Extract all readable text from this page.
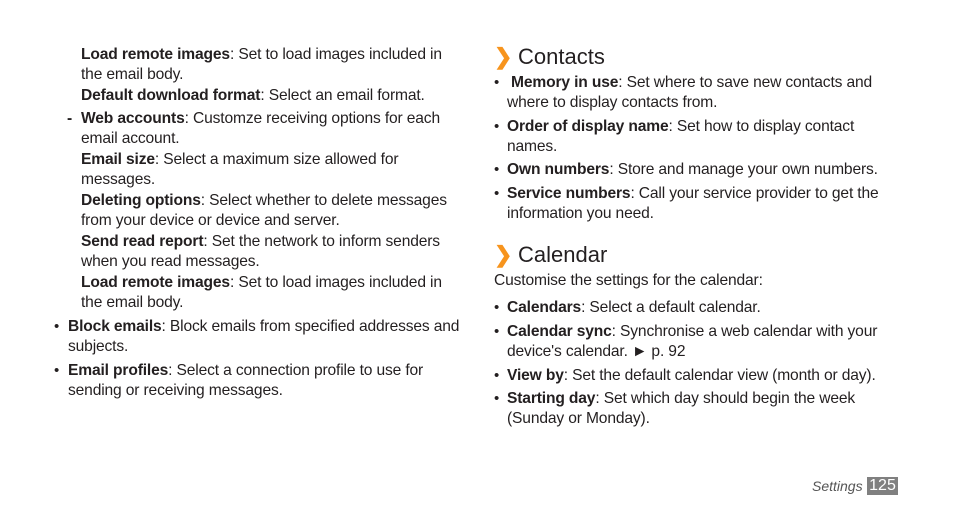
Load remote images: Set to load images included in
the email body.
Default download format: Select an email format.
- Web accounts: Customze receiving options for each
email account.
Email size: Select a maximum size allowed for
messages.
Deleting options: Select whether to delete messages
from your device or device and server.
Send read report: Set the network to inform senders
when you read messages.
Load remote images: Set to load images included in
the email body.
• Block emails: Block emails from specified addresses and
subjects.
• Email profiles: Select a connection profile to use for
sending or receiving messages.
❯ Contacts
• Memory in use: Set where to save new contacts and
where to display contacts from.
• Order of display name: Set how to display contact
names.
• Own numbers: Store and manage your own numbers.
• Service numbers: Call your service provider to get the
information you need.
❯ Calendar
Customise the settings for the calendar:
• Calendars: Select a default calendar.
• Calendar sync: Synchronise a web calendar with your
device's calendar. ► p. 92
• View by: Set the default calendar view (month or day).
• Starting day: Set which day should begin the week
(Sunday or Monday).
Settings 125
